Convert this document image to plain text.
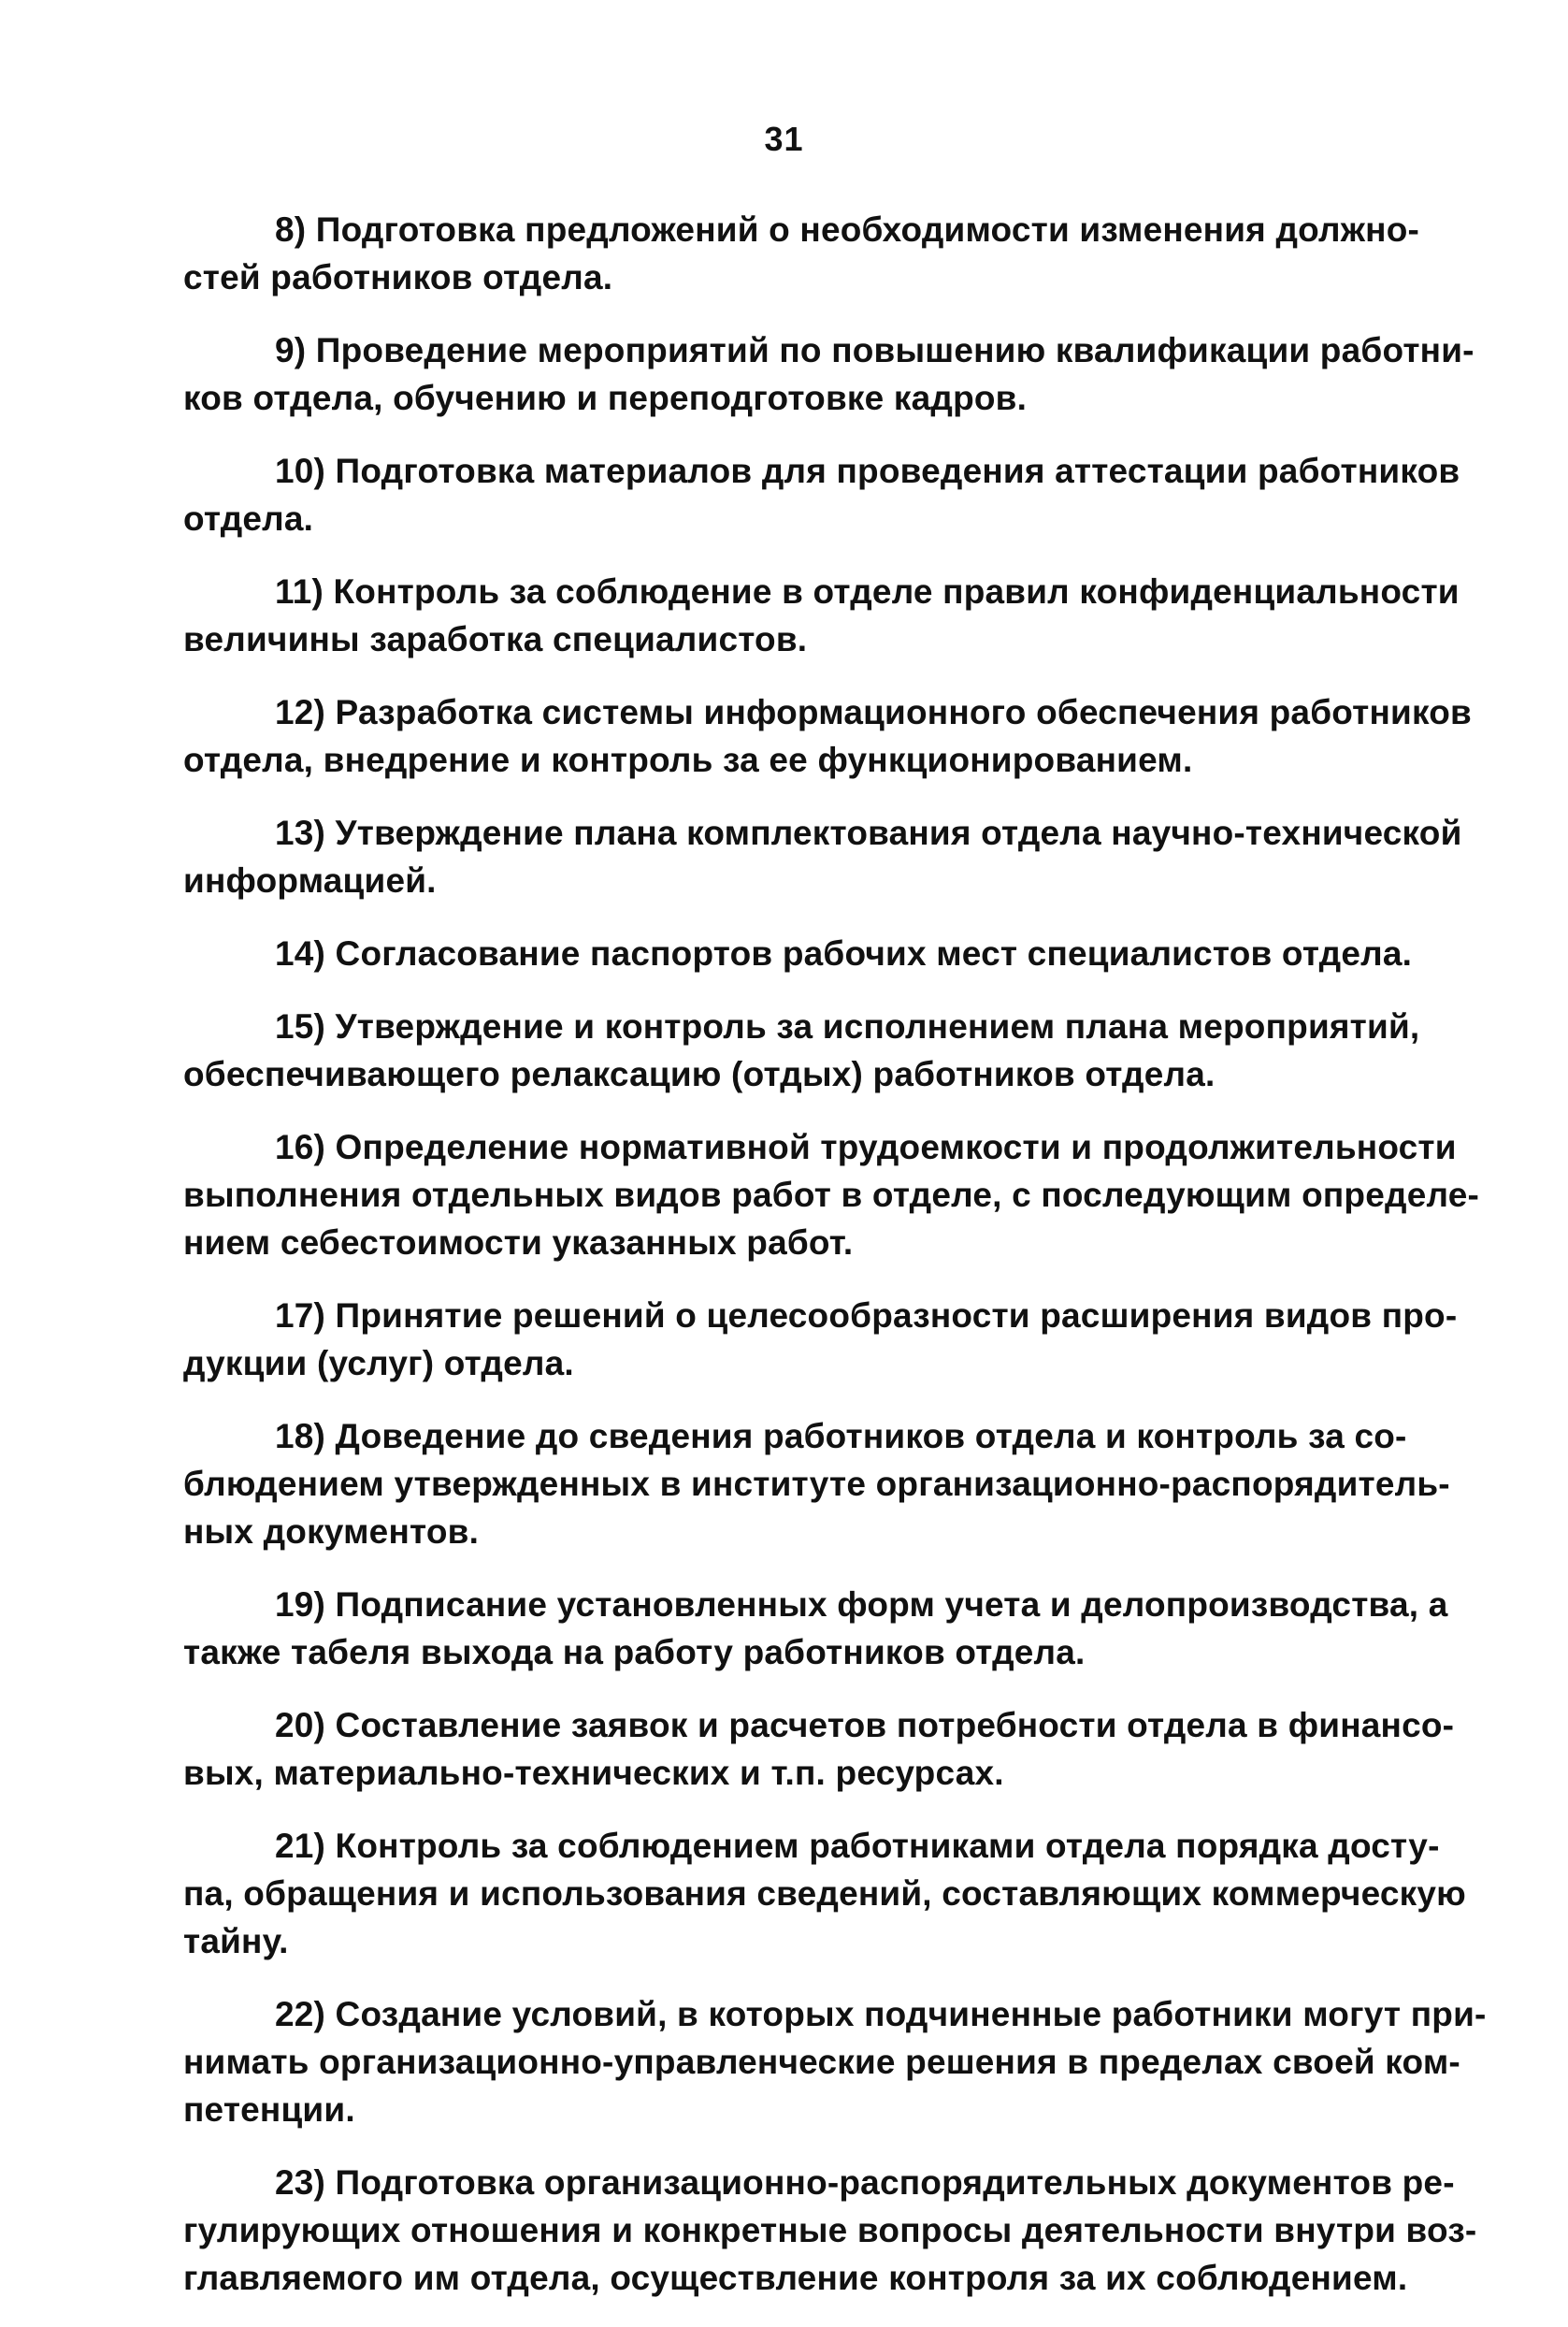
31
8) Подготовка предложений о необходимости изменения должно-
стей работников отдела.
9) Проведение мероприятий по повышению квалификации работни-
ков отдела, обучению и переподготовке кадров.
10) Подготовка материалов для проведения аттестации работников
отдела.
11) Контроль за соблюдение в отделе правил конфиденциальности
величины заработка специалистов.
12) Разработка системы информационного обеспечения работников
отдела, внедрение и контроль за ее функционированием.
13) Утверждение плана комплектования отдела научно-технической
информацией.
14) Согласование паспортов рабочих мест специалистов отдела.
15) Утверждение и контроль за исполнением плана мероприятий,
обеспечивающего релаксацию (отдых) работников отдела.
16) Определение нормативной трудоемкости и продолжительности
выполнения отдельных видов работ в отделе, с последующим определе-
нием себестоимости указанных работ.
17) Принятие решений о целесообразности расширения видов про-
дукции (услуг) отдела.
18) Доведение до сведения работников отдела и контроль за со-
блюдением утвержденных в институте организационно-распорядитель-
ных документов.
19) Подписание установленных форм учета и делопроизводства, а
также табеля выхода на работу работников отдела.
20) Составление заявок и расчетов потребности отдела в финансо-
вых, материально-технических и т.п. ресурсах.
21) Контроль за соблюдением работниками отдела порядка досту-
па, обращения и использования сведений, составляющих коммерческую
тайну.
22) Создание условий, в которых подчиненные работники могут при-
нимать организационно-управленческие решения в пределах своей ком-
петенции.
23) Подготовка организационно-распорядительных документов ре-
гулирующих отношения и конкретные вопросы деятельности внутри воз-
главляемого им отдела, осуществление контроля за их соблюдением.
